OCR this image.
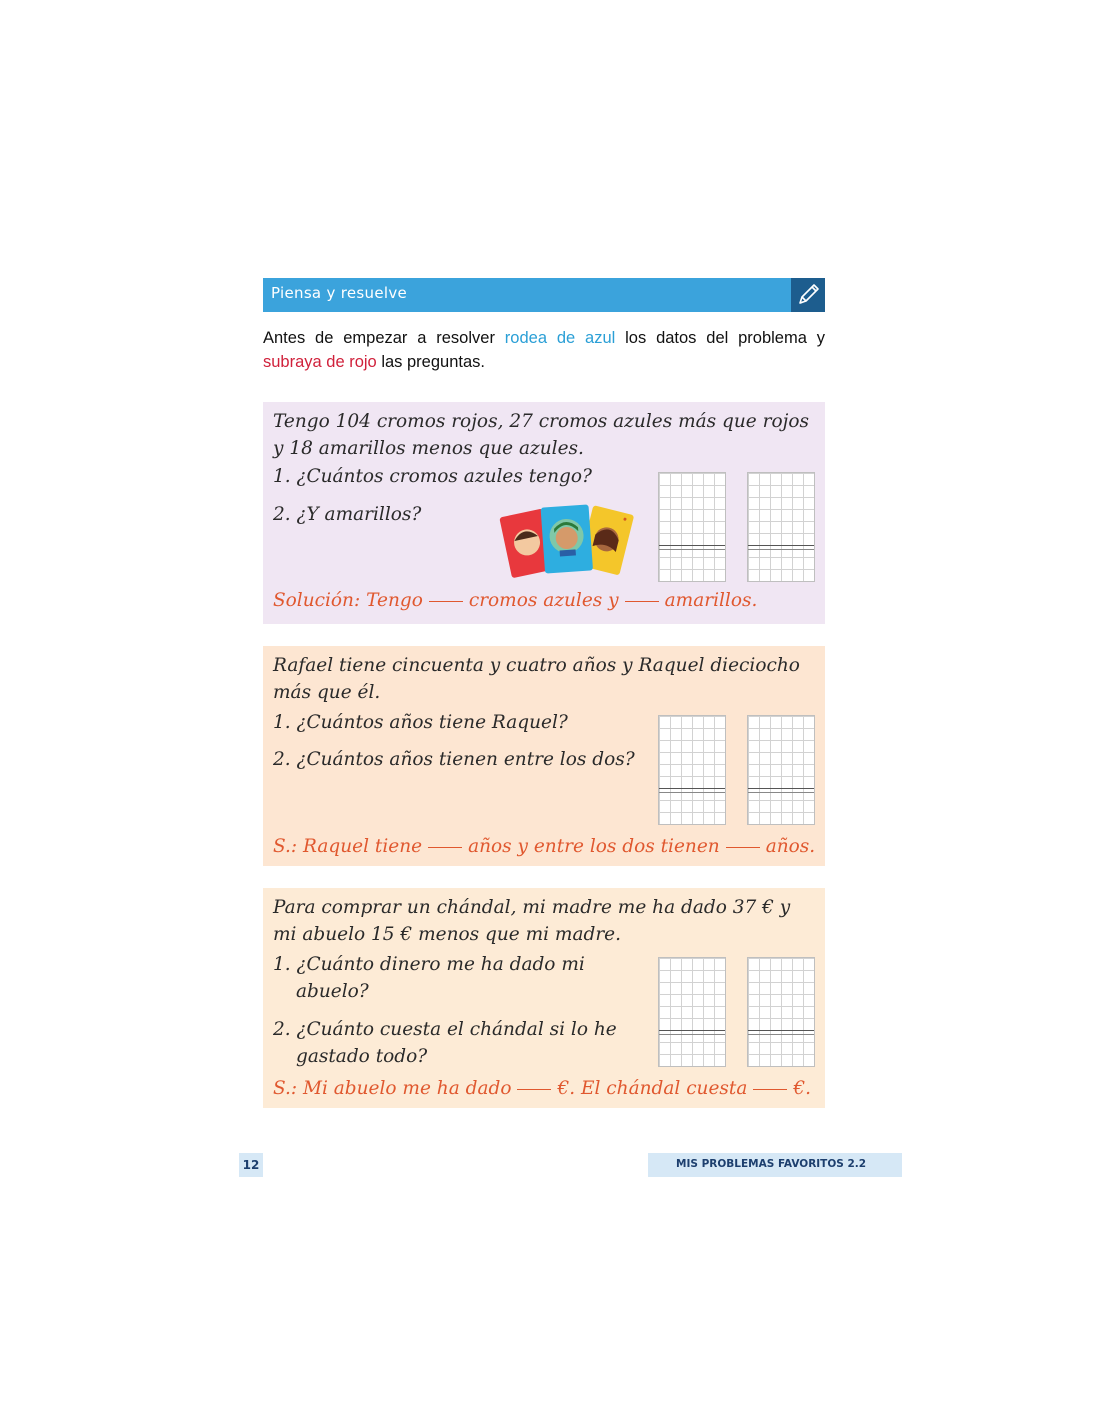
Piensa y resuelve
Antes de empezar a resolver rodea de azul los datos del problema y subraya de rojo las preguntas.
Tengo 104 cromos rojos, 27 cromos azules más que rojos y 18 amarillos menos que azules.
1. ¿Cuántos cromos azules tengo?
2. ¿Y amarillos?
Solución: Tengo cromos azules y amarillos.
Rafael tiene cincuenta y cuatro años y Raquel dieciocho más que él.
1. ¿Cuántos años tiene Raquel?
2. ¿Cuántos años tienen entre los dos?
S.: Raquel tiene años y entre los dos tienen años.
Para comprar un chándal, mi madre me ha dado 37 € y mi abuelo 15 € menos que mi madre.
1. ¿Cuánto dinero me ha dado mi
abuelo?
2. ¿Cuánto cuesta el chándal si lo he
gastado todo?
S.: Mi abuelo me ha dado €. El chándal cuesta €.
12	MIS PROBLEMAS FAVORITOS 2.2
